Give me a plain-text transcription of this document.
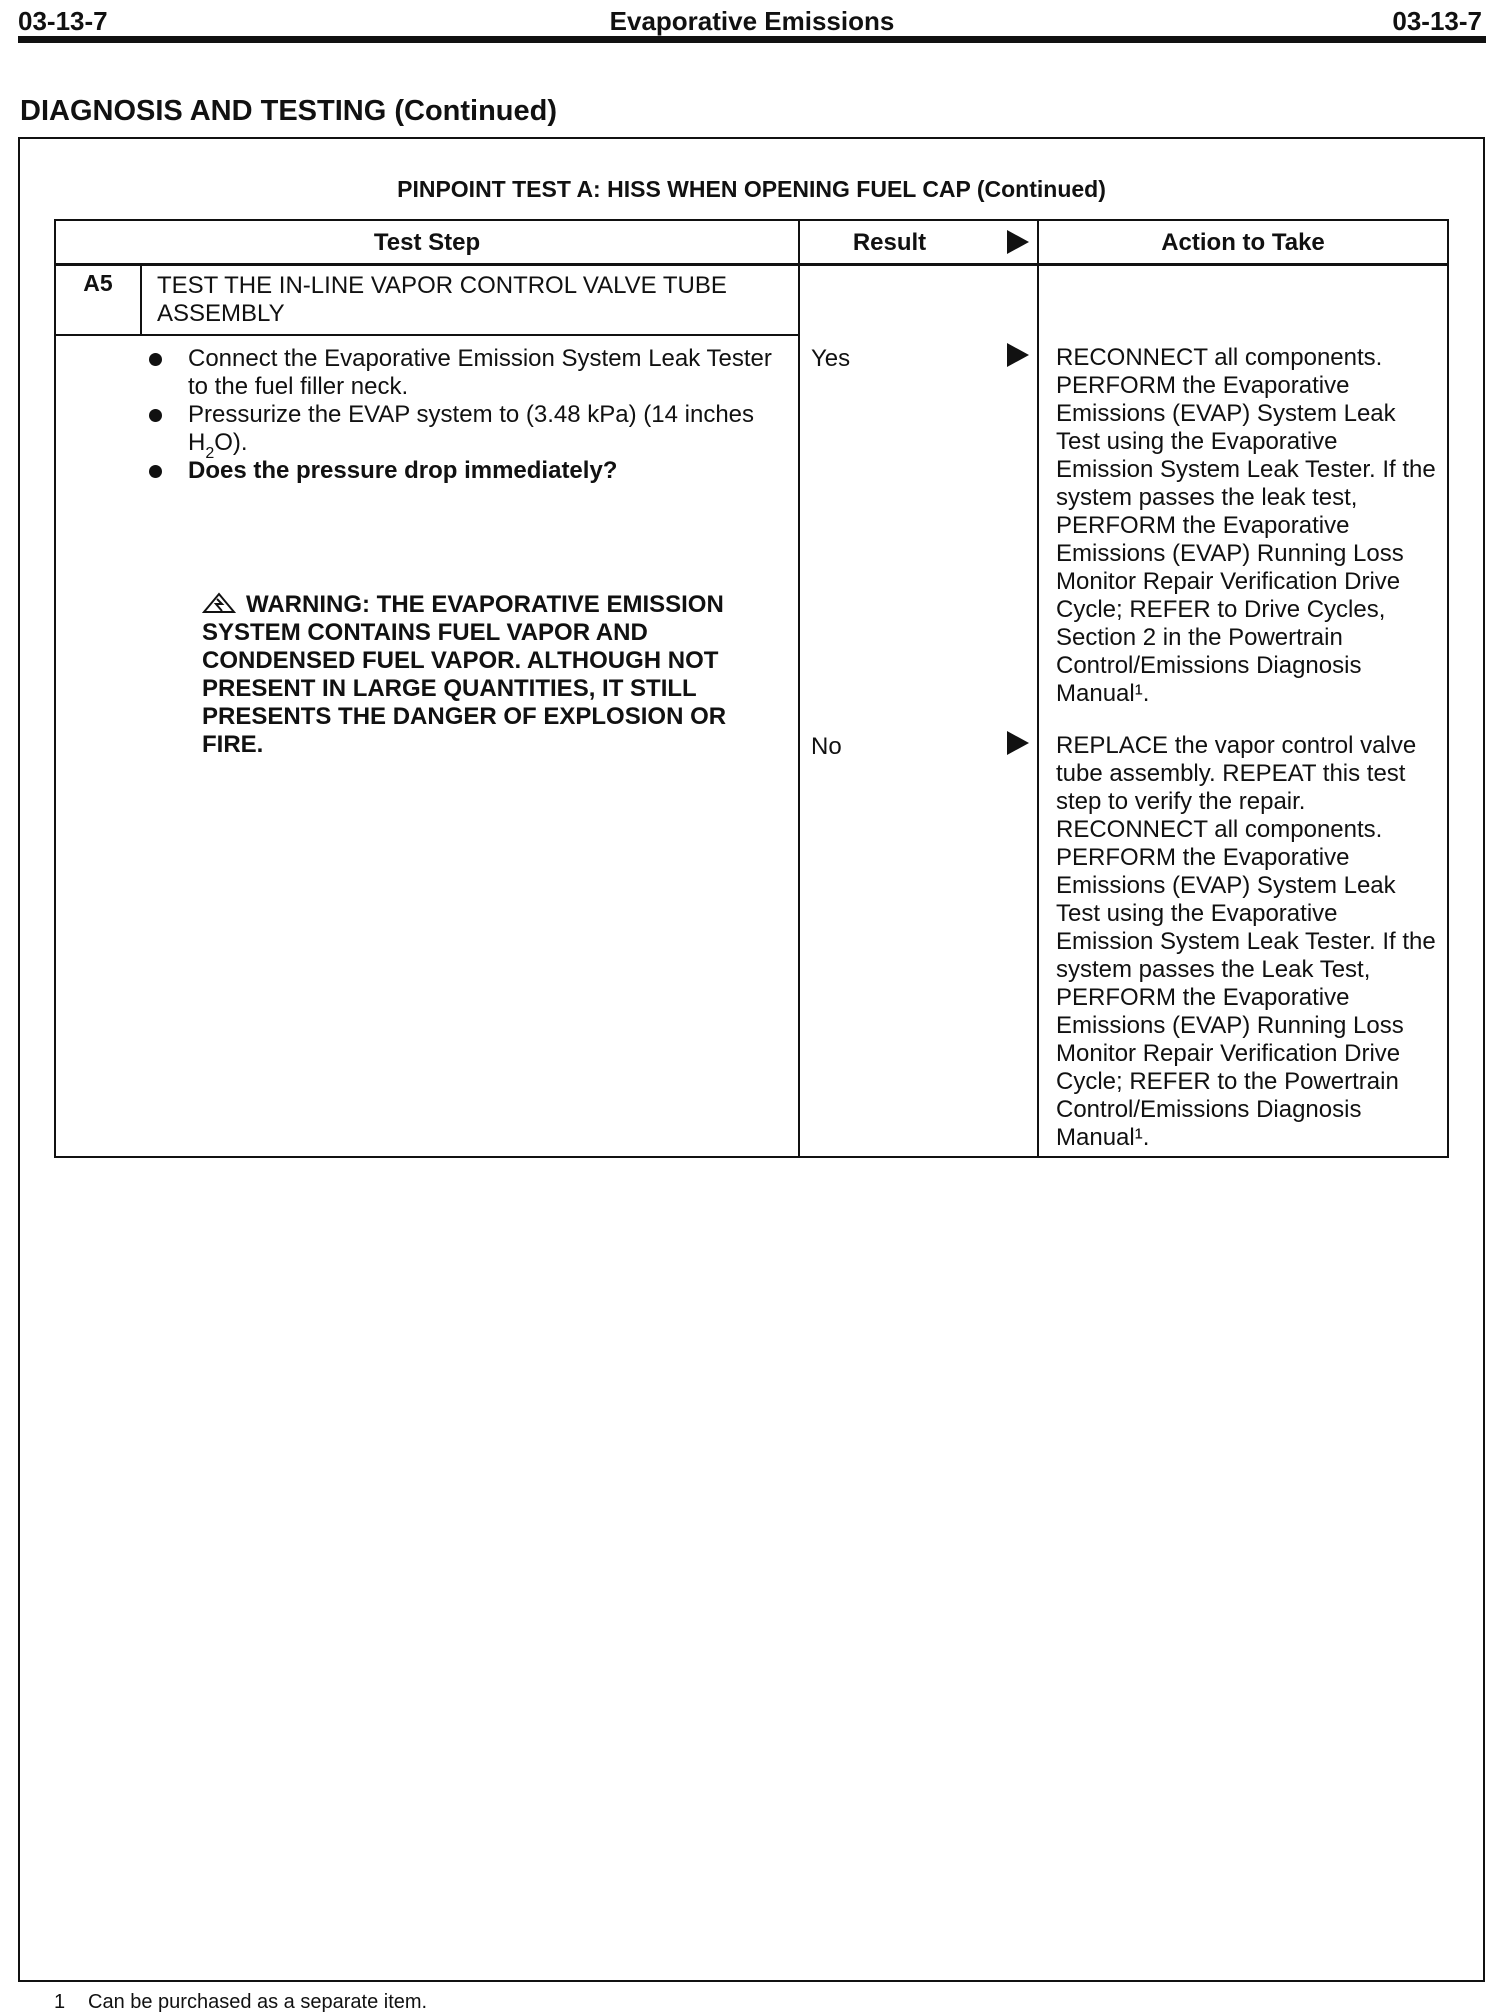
03-13-7	Evaporative Emissions	03-13-7
DIAGNOSIS AND TESTING (Continued)
PINPOINT TEST A: HISS WHEN OPENING FUEL CAP (Continued)
Test Step	Result	Action to Take
A5	TEST THE IN-LINE VAPOR CONTROL VALVE TUBE ASSEMBLY
Connect the Evaporative Emission System Leak Tester to the fuel filler neck.
Pressurize the EVAP system to (3.48 kPa) (14 inches $H_2O$).
Does the pressure drop immediately?
WARNING: THE EVAPORATIVE EMISSION SYSTEM CONTAINS FUEL VAPOR AND CONDENSED FUEL VAPOR. ALTHOUGH NOT PRESENT IN LARGE QUANTITIES, IT STILL PRESENTS THE DANGER OF EXPLOSION OR FIRE.
Yes	RECONNECT all components. PERFORM the Evaporative Emissions (EVAP) System Leak Test using the Evaporative Emission System Leak Tester. If the system passes the leak test, PERFORM the Evaporative Emissions (EVAP) Running Loss Monitor Repair Verification Drive Cycle; REFER to Drive Cycles, Section 2 in the Powertrain Control/Emissions Diagnosis Manual¹.
No	REPLACE the vapor control valve tube assembly. REPEAT this test step to verify the repair. RECONNECT all components. PERFORM the Evaporative Emissions (EVAP) System Leak Test using the Evaporative Emission System Leak Tester. If the system passes the Leak Test, PERFORM the Evaporative Emissions (EVAP) Running Loss Monitor Repair Verification Drive Cycle; REFER to the Powertrain Control/Emissions Diagnosis Manual¹.
1 Can be purchased as a separate item.
